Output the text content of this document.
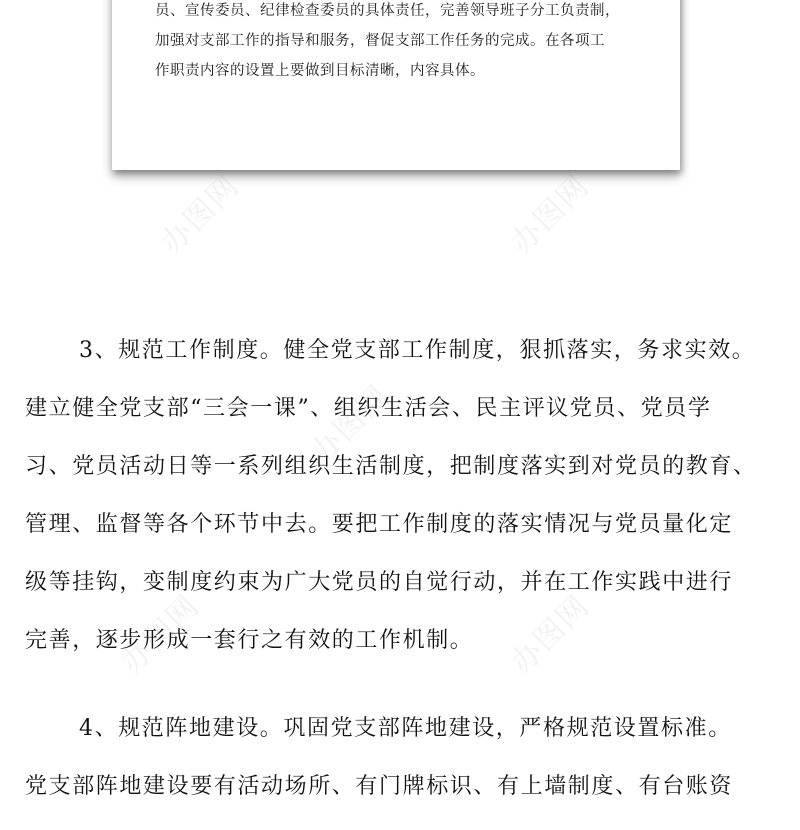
员、宣传委员、纪律检查委员的具体责任，完善领导班子分工负责制，
加强对支部工作的指导和服务，督促支部工作任务的完成。在各项工
作职责内容的设置上要做到目标清晰，内容具体。
3、规范工作制度。健全党支部工作制度，狠抓落实，务求实效。
建立健全党支部“三会一课”、组织生活会、民主评议党员、党员学
习、党员活动日等一系列组织生活制度，把制度落实到对党员的教育、
管理、监督等各个环节中去。要把工作制度的落实情况与党员量化定
级等挂钩，变制度约束为广大党员的自觉行动，并在工作实践中进行
完善，逐步形成一套行之有效的工作机制。
4、规范阵地建设。巩固党支部阵地建设，严格规范设置标准。
党支部阵地建设要有活动场所、有门牌标识、有上墙制度、有台账资
办图网	办图网
办图网
办图网	办图网
